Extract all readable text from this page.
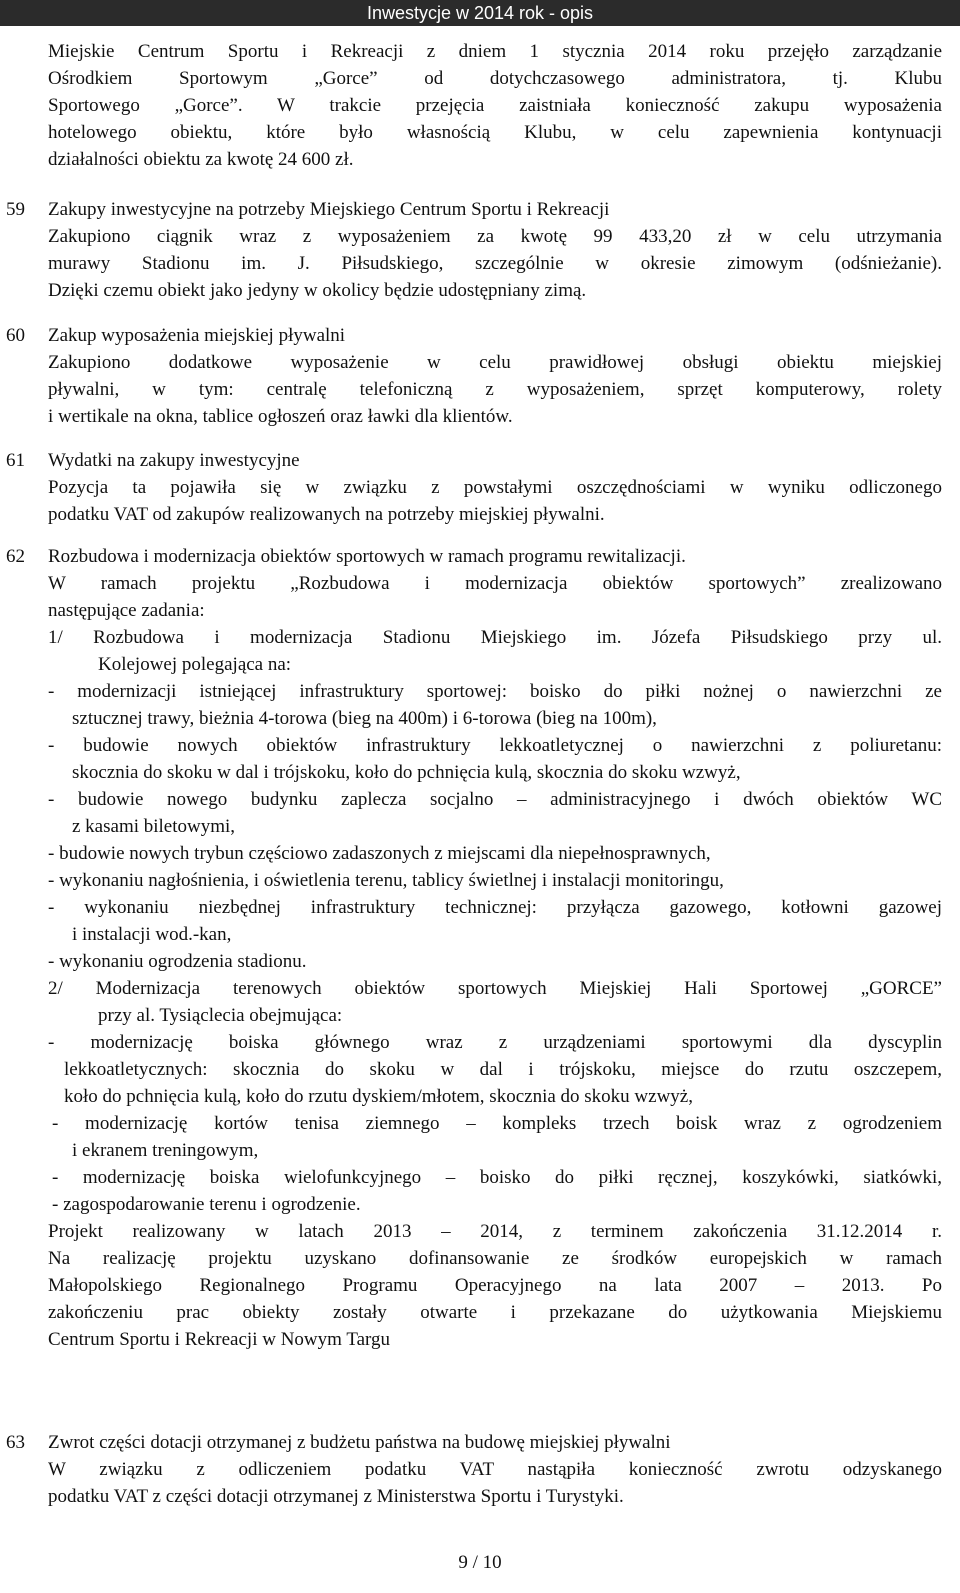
Inwestycje w 2014 rok - opis
Miejskie Centrum Sportu i Rekreacji z dniem 1 stycznia 2014 roku przejęło zarządzanie
Ośrodkiem Sportowym „Gorce” od dotychczasowego administratora, tj. Klubu
Sportowego „Gorce”. W trakcie przejęcia zaistniała konieczność zakupu wyposażenia
hotelowego obiektu, które było własnością Klubu, w celu zapewnienia kontynuacji
działalności obiektu za kwotę 24 600 zł.
59 Zakupy inwestycyjne na potrzeby Miejskiego Centrum Sportu i Rekreacji
Zakupiono ciągnik wraz z wyposażeniem za kwotę 99 433,20 zł w celu utrzymania
murawy Stadionu im. J. Piłsudskiego, szczególnie w okresie zimowym (odśnieżanie).
Dzięki czemu obiekt jako jedyny w okolicy będzie udostępniany zimą.
60 Zakup wyposażenia miejskiej pływalni
Zakupiono dodatkowe wyposażenie w celu prawidłowej obsługi obiektu miejskiej
pływalni, w tym: centralę telefoniczną z wyposażeniem, sprzęt komputerowy, rolety
i wertikale na okna, tablice ogłoszeń oraz ławki dla klientów.
61 Wydatki na zakupy inwestycyjne
Pozycja ta pojawiła się w związku z powstałymi oszczędnościami w wyniku odliczonego
podatku VAT od zakupów realizowanych na potrzeby miejskiej pływalni.
62 Rozbudowa i modernizacja obiektów sportowych w ramach programu rewitalizacji.
W ramach projektu „Rozbudowa i modernizacja obiektów sportowych” zrealizowano
następujące zadania:
1/ Rozbudowa i modernizacja Stadionu Miejskiego im. Józefa Piłsudskiego przy ul.
Kolejowej polegająca na:
- modernizacji istniejącej infrastruktury sportowej: boisko do piłki nożnej o nawierzchni ze
sztucznej trawy, bieżnia 4-torowa (bieg na 400m) i 6-torowa (bieg na 100m),
- budowie nowych obiektów infrastruktury lekkoatletycznej o nawierzchni z poliuretanu:
skocznia do skoku w dal i trójskoku, koło do pchnięcia kulą, skocznia do skoku wzwyż,
- budowie nowego budynku zaplecza socjalno – administracyjnego i dwóch obiektów WC
z kasami biletowymi,
- budowie nowych trybun częściowo zadaszonych z miejscami dla niepełnosprawnych,
- wykonaniu nagłośnienia, i oświetlenia terenu, tablicy świetlnej i instalacji monitoringu,
- wykonaniu niezbędnej infrastruktury technicznej: przyłącza gazowego, kotłowni gazowej
i instalacji wod.-kan,
- wykonaniu ogrodzenia stadionu.
2/ Modernizacja terenowych obiektów sportowych Miejskiej Hali Sportowej „GORCE”
przy al. Tysiąclecia obejmująca:
- modernizację boiska głównego wraz z urządzeniami sportowymi dla dyscyplin
lekkoatletycznych: skocznia do skoku w dal i trójskoku, miejsce do rzutu oszczepem,
koło do pchnięcia kulą, koło do rzutu dyskiem/młotem, skocznia do skoku wzwyż,
- modernizację kortów tenisa ziemnego – kompleks trzech boisk wraz z ogrodzeniem
i ekranem treningowym,
- modernizację boiska wielofunkcyjnego – boisko do piłki ręcznej, koszykówki, siatkówki,
- zagospodarowanie terenu i ogrodzenie.
Projekt realizowany w latach 2013 – 2014, z terminem zakończenia 31.12.2014 r.
Na realizację projektu uzyskano dofinansowanie ze środków europejskich w ramach
Małopolskiego Regionalnego Programu Operacyjnego na lata 2007 – 2013. Po
zakończeniu prac obiekty zostały otwarte i przekazane do użytkowania Miejskiemu
Centrum Sportu i Rekreacji w Nowym Targu
63 Zwrot części dotacji otrzymanej z budżetu państwa na budowę miejskiej pływalni
W związku z odliczeniem podatku VAT nastąpiła konieczność zwrotu odzyskanego
podatku VAT z części dotacji otrzymanej z Ministerstwa Sportu i Turystyki.
9 / 10
